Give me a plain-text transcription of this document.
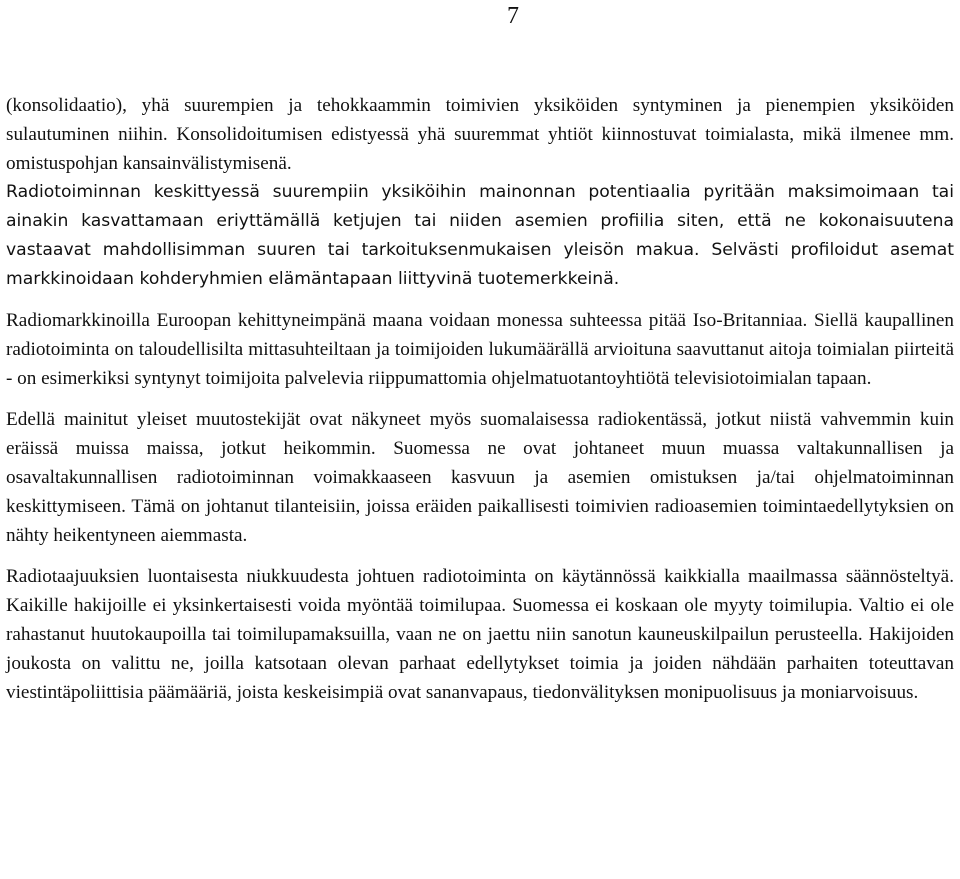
7

(konsolidaatio), yhä suurempien ja tehokkaammin toimivien yksiköiden syntyminen ja pienempien yksiköiden sulautuminen niihin. Konsolidoitumisen edistyessä yhä suuremmat yhtiöt kiinnostuvat toimialasta, mikä ilmenee mm. omistuspohjan kansainvälistymisenä.

Radiotoiminnan keskittyessä suurempiin yksiköihin mainonnan potentiaalia pyritään maksimoimaan tai ainakin kasvattamaan eriyttämällä ketjujen tai niiden asemien profiilia siten, että ne kokonaisuutena vastaavat mahdollisimman suuren tai tarkoituksenmukaisen yleisön makua. Selvästi profiloidut asemat markkinoidaan kohderyhmien elämäntapaan liittyvinä tuotemerkkeinä.

Radiomarkkinoilla Euroopan kehittyneimpänä maana voidaan monessa suhteessa pitää Iso-Britanniaa. Siellä kaupallinen radiotoiminta on taloudellisilta mittasuhteiltaan ja toimijoiden lukumäärällä arvioituna saavuttanut aitoja toimialan piirteitä - on esimerkiksi syntynyt toimijoita palvelevia riippumattomia ohjelmatuotantoyhtiötä televisiotoimialan tapaan.

Edellä mainitut yleiset muutostekijät ovat näkyneet myös suomalaisessa radiokentässä, jotkut niistä vahvemmin kuin eräissä muissa maissa, jotkut heikommin. Suomessa ne ovat johtaneet muun muassa valtakunnallisen ja osavaltakunnallisen radiotoiminnan voimakkaaseen kasvuun ja asemien omistuksen ja/tai ohjelmatoiminnan keskittymiseen. Tämä on johtanut tilanteisiin, joissa eräiden paikallisesti toimivien radioasemien toimintaedellytyksien on nähty heikentyneen aiemmasta.

Radiotaajuuksien luontaisesta niukkuudesta johtuen radiotoiminta on käytännössä kaikkialla maailmassa säännösteltyä. Kaikille hakijoille ei yksinkertaisesti voida myöntää toimilupaa. Suomessa ei koskaan ole myyty toimilupia. Valtio ei ole rahastanut huutokaupoilla tai toimilupamaksuilla, vaan ne on jaettu niin sanotun kauneuskilpailun perusteella. Hakijoiden joukosta on valittu ne, joilla katsotaan olevan parhaat edellytykset toimia ja joiden nähdään parhaiten toteuttavan viestintäpoliittisia päämääriä, joista keskeisimpiä ovat sananvapaus, tiedonvälityksen monipuolisuus ja moniarvoisuus.
